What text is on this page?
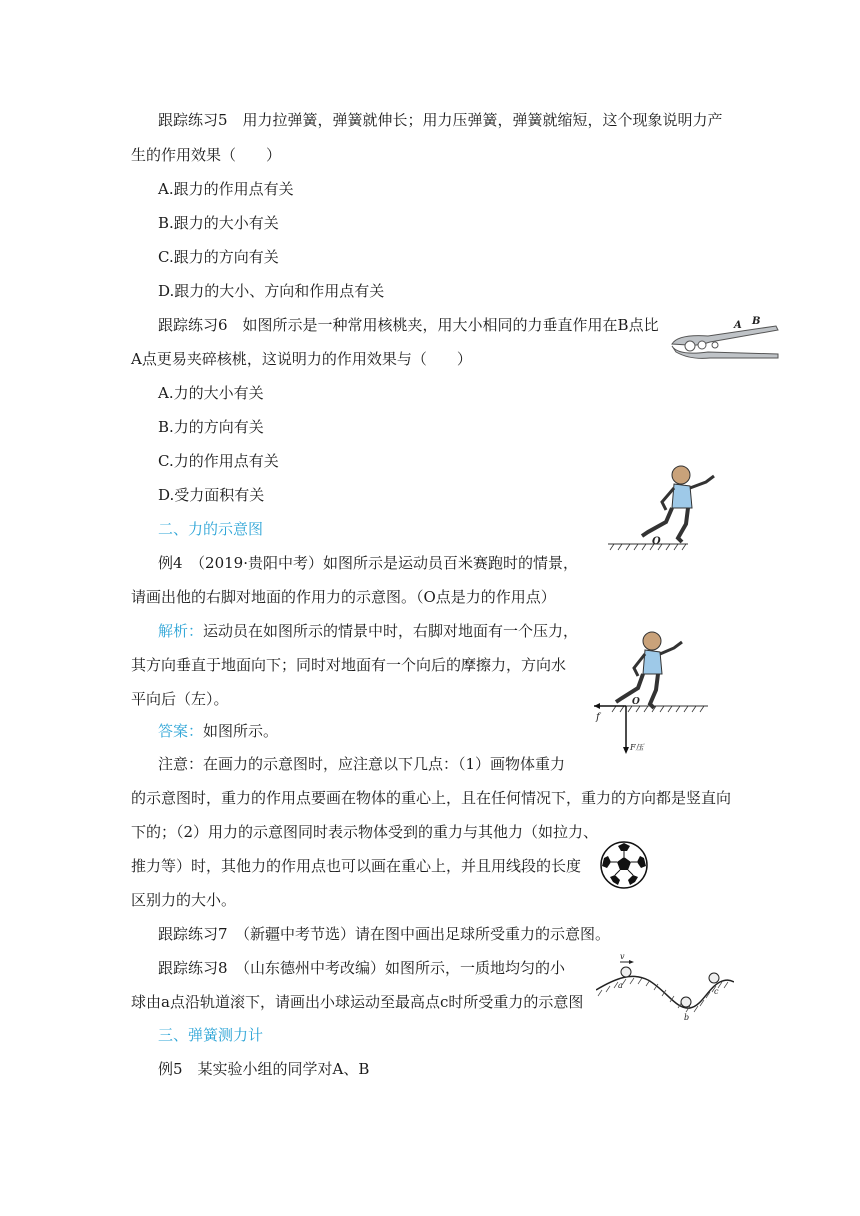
跟踪练习5　用力拉弹簧，弹簧就伸长；用力压弹簧，弹簧就缩短，这个现象说明力产
生的作用效果（　　）
A.跟力的作用点有关
B.跟力的大小有关
C.跟力的方向有关
D.跟力的大小、方向和作用点有关
跟踪练习6　如图所示是一种常用核桃夹，用大小相同的力垂直作用在B点比
A点更易夹碎核桃，这说明力的作用效果与（　　）
A.力的大小有关
B.力的方向有关
C.力的作用点有关
D.受力面积有关
A B
二、力的示意图
O
例4　（2019·贵阳中考）如图所示是运动员百米赛跑时的情景，
请画出他的右脚对地面的作用力的示意图。（O点是力的作用点）
解析：运动员在如图所示的情景中时，右脚对地面有一个压力，
其方向垂直于地面向下；同时对地面有一个向后的摩擦力，方向水
平向后（左）。
f
O
F压
答案：如图所示。
注意：在画力的示意图时，应注意以下几点：（1）画物体重力
的示意图时，重力的作用点要画在物体的重心上，且在任何情况下，重力的方向都是竖直向
下的；（2）用力的示意图同时表示物体受到的重力与其他力（如拉力、
推力等）时，其他力的作用点也可以画在重心上，并且用线段的长度
区别力的大小。
跟踪练习7　（新疆中考节选）请在图中画出足球所受重力的示意图。
跟踪练习8　（山东德州中考改编）如图所示，一质地均匀的小
球由a点沿轨道滚下，请画出小球运动至最高点c时所受重力的示意图
v
a
b
c
三、弹簧测力计
例5　某实验小组的同学对A、B
